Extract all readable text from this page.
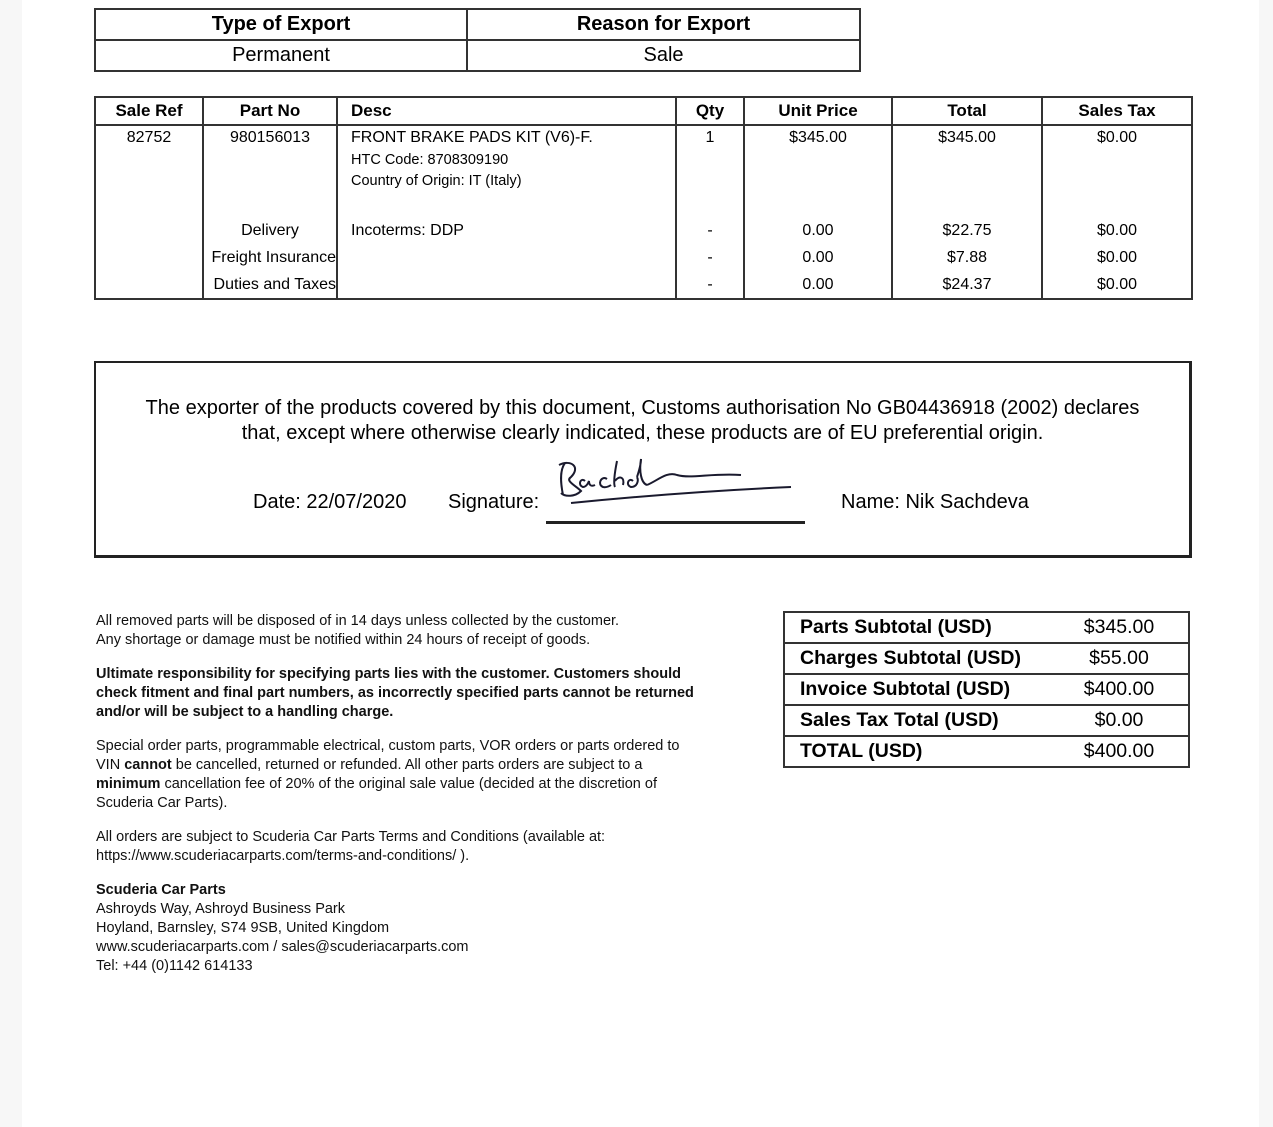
Type of Export	Reason for Export
Permanent	Sale
Sale Ref	Part No	Desc	Qty	Unit Price	Total	Sales Tax
82752	980156013	FRONT BRAKE PADS KIT (V6)-F.
HTC Code: 8708309190
Country of Origin: IT (Italy)	1	$345.00	$345.00	$0.00
	Delivery	Incoterms: DDP	-	0.00	$22.75	$0.00
	Freight Insurance		-	0.00	$7.88	$0.00
	Duties and Taxes		-	0.00	$24.37	$0.00
The exporter of the products covered by this document, Customs authorisation No GB04436918 (2002) declares
that, except where otherwise clearly indicated, these products are of EU preferential origin.
Date: 22/07/2020 Signature:	Name: Nik Sachdeva

All removed parts will be disposed of in 14 days unless collected by the customer.
Any shortage or damage must be notified within 24 hours of receipt of goods.

Ultimate responsibility for specifying parts lies with the customer. Customers should check fitment and final part numbers, as incorrectly specified parts cannot be returned and/or will be subject to a handling charge.

Special order parts, programmable electrical, custom parts, VOR orders or parts ordered to VIN cannot be cancelled, returned or refunded. All other parts orders are subject to a minimum cancellation fee of 20% of the original sale value (decided at the discretion of Scuderia Car Parts).

All orders are subject to Scuderia Car Parts Terms and Conditions (available at: https://www.scuderiacarparts.com/terms-and-conditions/ ).

Scuderia Car Parts
Ashroyds Way, Ashroyd Business Park
Hoyland, Barnsley, S74 9SB, United Kingdom
www.scuderiacarparts.com / sales@scuderiacarparts.com
Tel: +44 (0)1142 614133
Parts Subtotal (USD)	$345.00
Charges Subtotal (USD)	$55.00
Invoice Subtotal (USD)	$400.00
Sales Tax Total (USD)	$0.00
TOTAL (USD)	$400.00
